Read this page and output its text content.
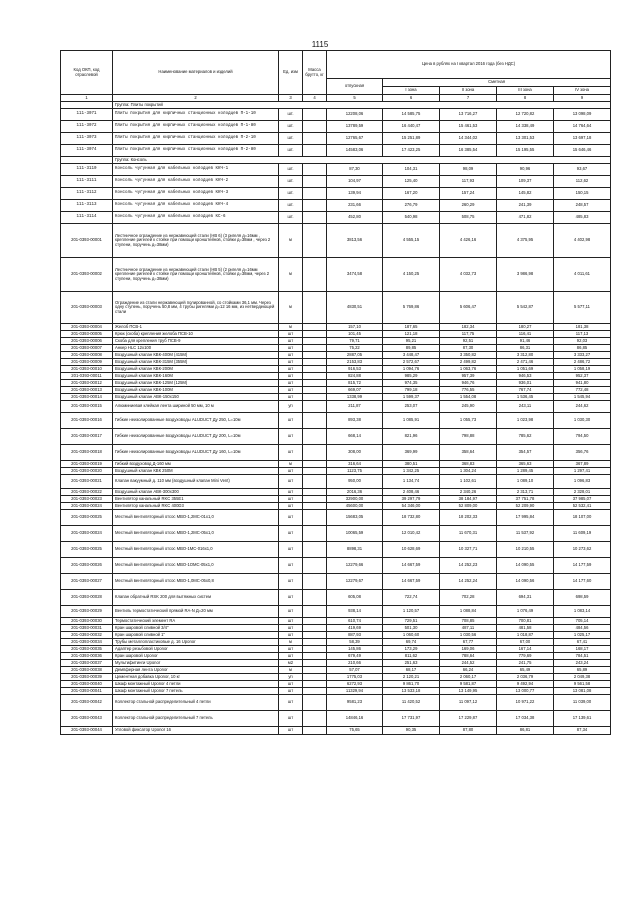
1115
Код ОКП, код отраслевой	Наименование материалов и изделий	Ед. изм	Масса брутто, кг	Цена в рублях на I квартал 2016 года (без НДС)				
				отпускная	Сметная			
					I зона	II зона	III зона	IV зона
1	2	3	4	5	6	7	8	9
	Группа: Плиты покрытий							
111-3071	Плиты покрытия для кирпичных станционных колодцев П-1-10	шт.		12208,06	14 585,75	13 716,27	12 720,82	13 098,09
111-3072	Плиты покрытия для кирпичных станционных колодцев П-1-80	шт.		13789,59	16 440,47	15 461,53	14 338,49	14 764,64
111-3073	Плиты покрытия для кирпичных станционных колодцев П-2-10	шт.		12765,67	15 251,89	14 344,02	13 301,53	13 697,18
111-3074	Плиты покрытия для кирпичных станционных колодцев П-2-80	шт.		14583,06	17 423,25	16 385,54	15 195,55	15 646,46
	Группа: Консоль							
111-3110	Консоль чугунная для кабельных колодцев ККЧ-1	шт.		87,30	104,31	98,09	90,96	93,67
111-3111	Консоль чугунная для кабельных колодцев ККЧ-2	шт.		104,97	125,40	117,93	109,37	112,62
111-3112	Консоль чугунная для кабельных колодцев ККЧ-3	шт.		139,94	167,20	157,24	145,82	150,15
111-3113	Консоль чугунная для кабельных колодцев ККЧ-4	шт.		231,66	276,79	260,29	241,39	248,57
111-3114	Консоль чугунная для кабельных колодцев КС-6	шт.		452,80	540,98	508,75	471,82	485,83
201-0393-00001	Лестничное ограждение из нержавеющей стали (НВ 6) (3 ригеля д=16мм , крепление ригелей к стойке при помощи кронштейнов, стойки д=38мм , через 2 ступени, поручень д=38мм)	м		3813,56	4 555,15	4 426,16	4 375,95	4 402,98
201-0393-00002	Лестничное ограждение из нержавеющей стали (НВ 5) (2 ригеля д=16мм крепление ригелей к стойке при помощи кронштейнов, стойки д=38мм, через 2 ступени, поручень д=38мм)	м		3474,58	4 150,25	4 032,73	3 986,98	4 011,61
201-0393-00003	Ограждение из стали нержавеющей полированной, со стойками 36,1 мм. Через одну ступень, поручень 50,8 мм, 4 трубы ригелями д=12 16 мм, из нетвердеющей стали	м		4830,51	5 769,86	5 606,47	5 542,87	5 577,11
201-0393-00004	Желоб ПСВ-1	м		157,10	187,65	182,34	180,27	181,38
201-0393-00005	Крюк (скоба) крепления желоба ПСВ-10	шт		101,45	121,18	117,75	116,41	117,13
201-0393-00006	Скоба для крепления труб ПСВ-9	шт		79,71	95,21	92,51	91,46	92,03
201-0393-00007	Анкер HLC 12х100	шт		75,22	89,85	87,30	86,31	86,85
201-0393-00008	Воздушный клапан КВК-400М (415М)	шт		2887,05	3 448,47	3 350,82	3 312,80	3 333,27
201-0393-00009	Воздушный клапан КВК-315М (355М)	шт		2153,83	2 572,67	2 499,82	2 471,46	2 486,72
201-0393-00010	Воздушный клапан КВК-200М	шт		916,53	1 094,76	1 063,76	1 051,69	1 058,19
201-0393-00011	Воздушный клапан КВК-160М	шт		824,88	985,29	957,39	946,53	952,37
201-0393-00012	Воздушный клапан КВК-125М (125М)	шт		815,72	974,35	946,76	936,01	941,80
201-0393-00013	Воздушный клапан КВК-100М	шт		669,07	799,18	776,55	767,74	772,48
201-0393-00014	Воздушный клапан АВК-150х150	шт		1338,99	1 599,37	1 554,08	1 536,45	1 545,94
201-0393-00015	Алюминиевая клейкая лента шириной 50 мм, 10 м	уп		211,87	253,07	245,90	243,11	244,62
201-0393-00016	Гибкие неизолированные воздуховоды ALUDUCT Ду 250, L=10м	шт		893,38	1 085,91	1 055,73	1 023,98	1 030,30
201-0393-00017	Гибкие неизолированные воздуховоды ALUDUCT Ду 200, L=10м	шт		668,14	821,96	798,88	785,62	794,50
201-0393-00018	Гибкие неизолированные воздуховоды ALUDUCT Ду 160, L=10м	шт		308,00	369,99	358,64	354,57	356,76
201-0393-00019	Гибкий воздуховод Д-160 мм	м		316,64	380,51	368,83	365,63	367,89
201-0393-00020	Воздушный клапан КВК 250М	шт		1123,75	1 342,25	1 304,24	1 289,45	1 297,41
201-0393-00021	Клапан вакуумный д. 110 мм (воздушный клапан Mini Vent)	шт		950,00	1 134,74	1 102,61	1 089,10	1 096,83
201-0393-00022	Воздушный клапан АВК-300х300	шт		2016,36	2 408,46	2 340,26	2 313,71	2 328,01
201-0393-00023	Вентилятор канальный RKC 355Е1	шт		32900,00	39 297,79	38 184,97	37 751,78	37 985,07
201-0393-00024	Вентилятор канальный RKC 400D3	шт		45600,00	54 346,00	52 809,00	52 209,90	52 532,41
201-0393-00025	Местный вентиляторный отсос МВО-1,2МС-01х1,0	шт		15683,05	18 732,80	18 202,33	17 995,84	18 107,00
201-0393-00024	Местный вентиляторный отсос МВО-1,2МС-05х1,0	шт		10065,59	12 010,42	11 670,31	11 537,92	11 609,19
201-0393-00025	Местный вентиляторный отсос МВО-1МС-016х1,0	шт		8898,31	10 628,69	10 327,71	10 210,55	10 273,62
201-0393-00026	Местный вентиляторный отсос МВО-1ОМС-05х1,0	шт		12279,66	14 667,59	14 252,23	14 090,55	14 177,59
201-0393-00027	Местный вентиляторный отсос МВО-1,0МС-05х0,8	шт		12279,67	14 667,59	14 252,24	14 090,56	14 177,60
201-0393-00028	Клапан обратный RSK 200 для вытяжных систем	шт		605,08	722,74	702,28	694,31	698,59
201-0393-00029	Вентиль термостатический прямой RA-N Д=20 мм	шт		938,14	1 120,57	1 088,84	1 076,49	1 083,14
201-0393-00030	Термостатический элемент RA	шт		610,74	729,51	708,85	700,81	705,14
201-0393-00031	Кран шаровой сливной 3/4"	шт		419,69	501,30	487,11	481,58	484,56
201-0393-00032	Кран шаровой сливной 1"	шт		887,93	1 060,60	1 030,56	1 018,87	1 025,17
201-0393-00034	Трубы металлопластиковые д. 16 Uponor	м		58,39	69,74	67,77	67,00	67,41
201-0393-00035	Адаптер резьбовой Uponor	шт		145,86	173,29	169,06	167,14	168,17
201-0393-00036	Кран шаровой Uponor	шт		679,49	811,62	788,64	779,69	784,51
201-0393-00037	Мультифитинги Uponor	м2		210,66	251,63	244,52	241,75	243,24
201-0393-00038	Демпферная лента Uponor	м		57,07	68,17	66,24	65,49	65,89
201-0393-00039	Цементная добавка Uponor, 10 кг	уп		1775,03	2 120,21	2 060,17	2 036,79	2 049,38
201-0393-00040	Шкаф монтажный Uponor 4 петли	шт		6272,93	9 861,70	9 581,87	9 492,94	9 561,58
201-0393-00041	Шкаф монтажный Uponor 7 петель	шт		11329,94	13 533,18	13 149,95	13 000,77	13 081,08
201-0393-00042	Коллектор стальной распределительный 4 петли	шт		9581,23	11 420,52	11 097,12	10 971,22	11 039,00
201-0393-00043	Коллектор стальной распределительный 7 петель	шт		14846,16	17 731,97	17 229,87	17 034,38	17 139,61
201-0393-00044	Угловой фиксатор Uponor 16	шт		75,65	90,35	87,80	86,81	87,34
